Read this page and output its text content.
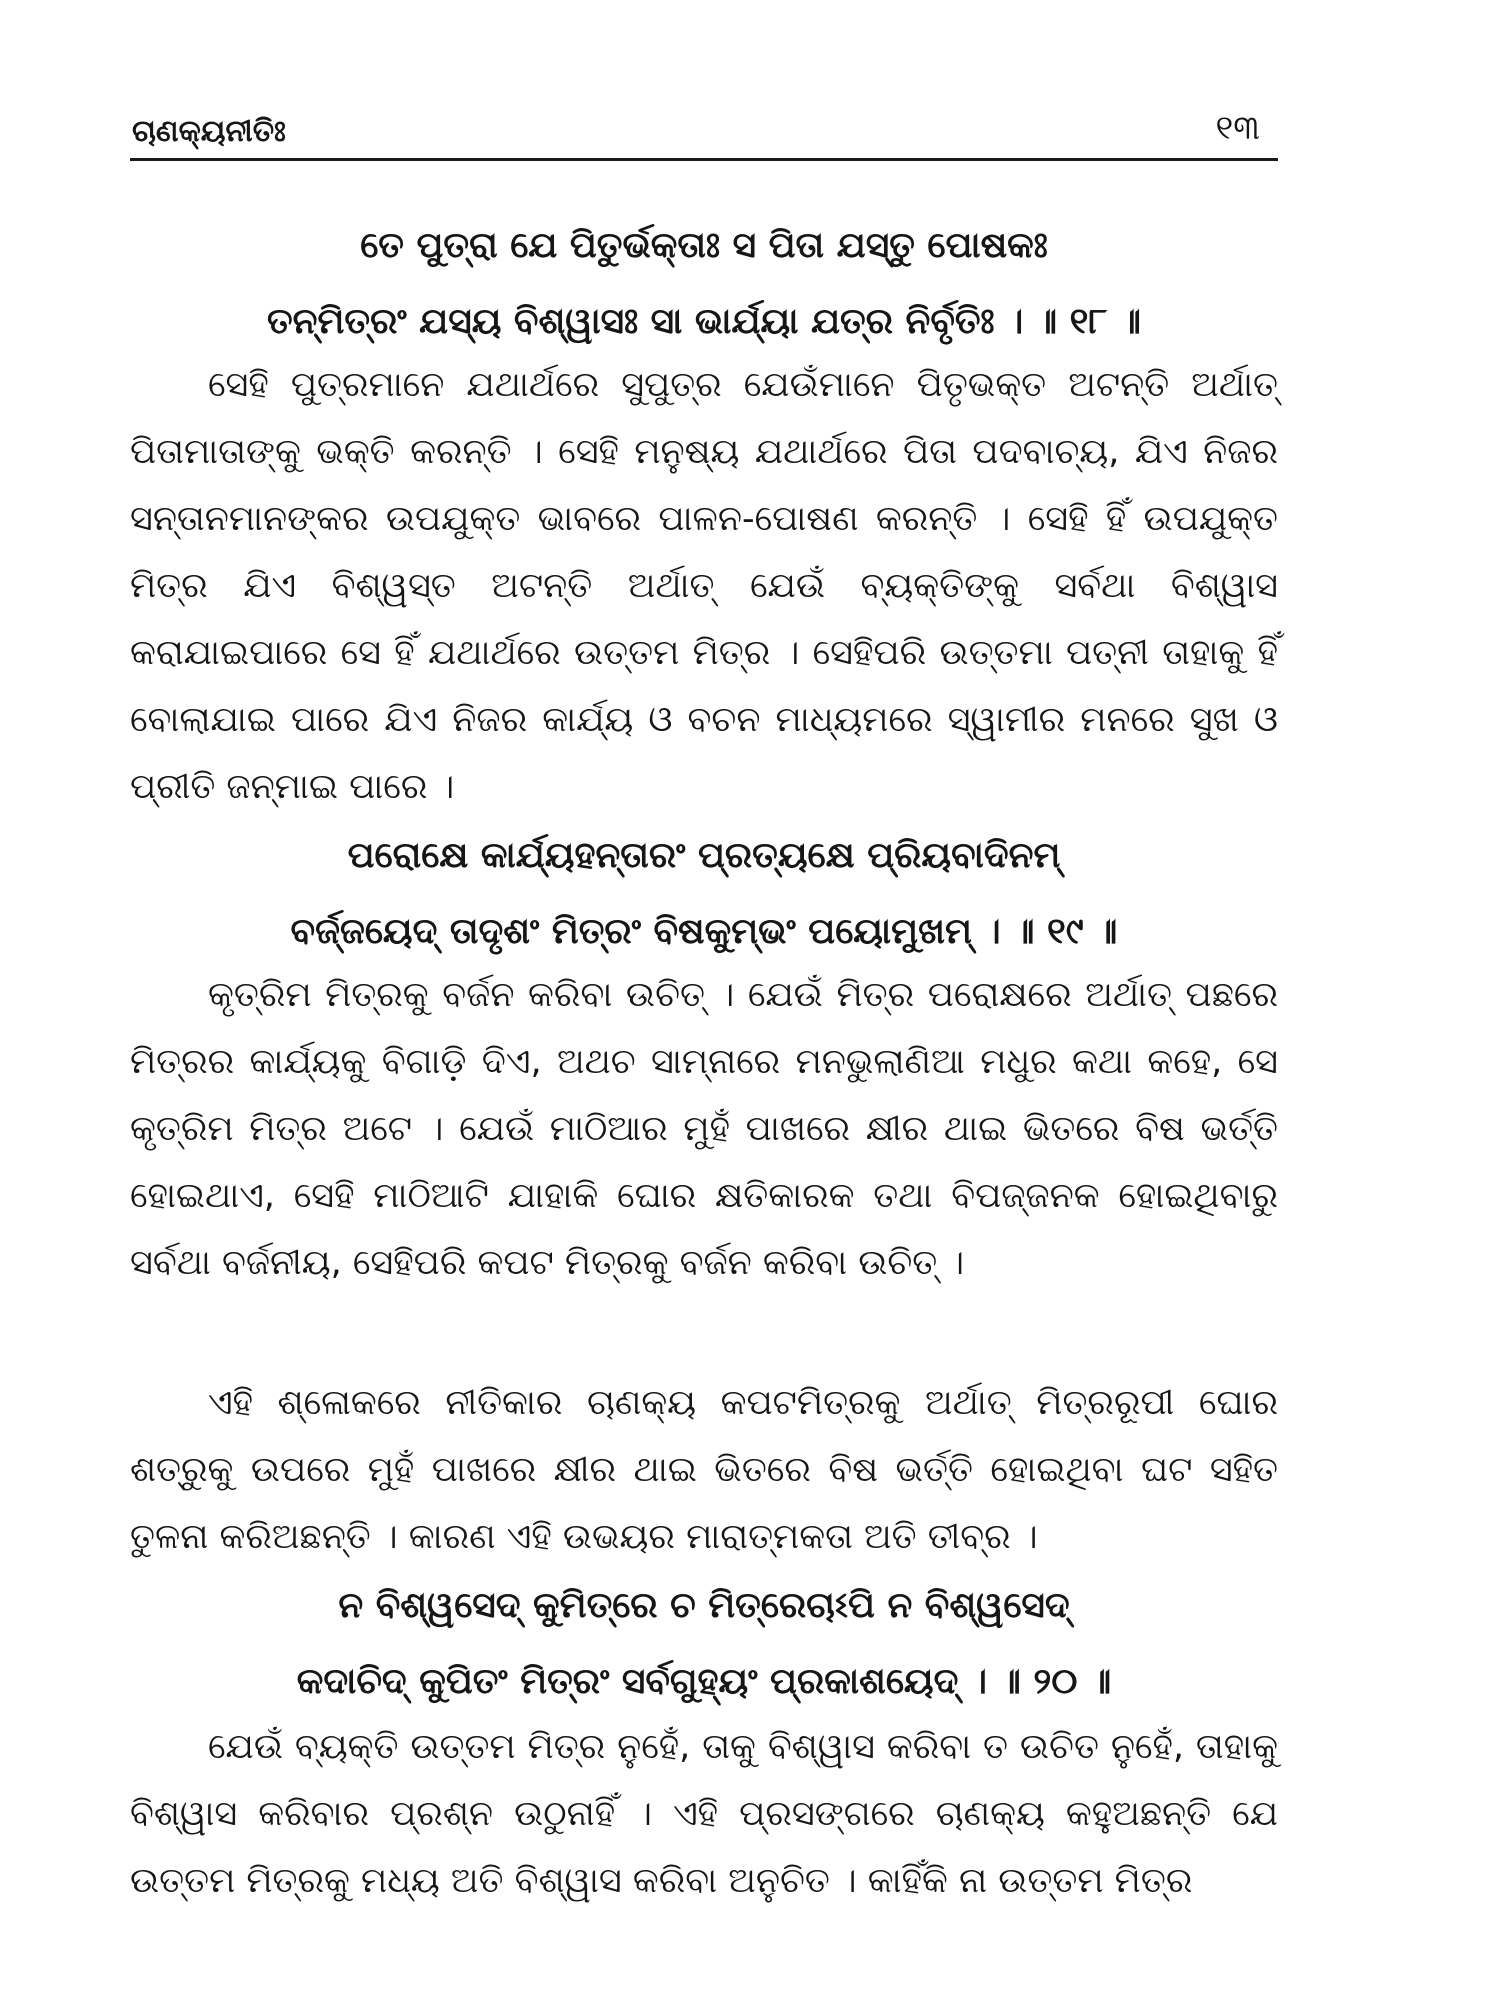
ଚାଣକ୍ୟନୀତିଃ	୧୩
ତେ ପୁତ୍ରା ଯେ ପିତୁର୍ଭକ୍ତାଃ ସ ପିତା ଯସ୍ତୁ ପୋଷକଃ
ତନ୍ମିତ୍ରଂ ଯସ୍ୟ ବିଶ୍ୱାସଃ ସା ଭାର୍ଯ୍ୟା ଯତ୍ର ନିର୍ବୃତିଃ । ॥ ୧୮ ॥
ସେହି ପୁତ୍ରମାନେ ଯଥାର୍ଥରେ ସୁପୁତ୍ର ଯେଉଁମାନେ ପିତୃଭକ୍ତ ଅଟନ୍ତି ଅର୍ଥାତ୍ ପିତାମାତାଙ୍କୁ ଭକ୍ତି କରନ୍ତି । ସେହି ମନୁଷ୍ୟ ଯଥାର୍ଥରେ ପିତା ପଦବାଚ୍ୟ, ଯିଏ ନିଜର ସନ୍ତାନମାନଙ୍କର ଉପଯୁକ୍ତ ଭାବରେ ପାଳନ-ପୋଷଣ କରନ୍ତି । ସେହି ହିଁ ଉପଯୁକ୍ତ ମିତ୍ର ଯିଏ ବିଶ୍ୱସ୍ତ ଅଟନ୍ତି ଅର୍ଥାତ୍ ଯେଉଁ ବ୍ୟକ୍ତିଙ୍କୁ ସର୍ବଥା ବିଶ୍ୱାସ କରାଯାଇପାରେ ସେ ହିଁ ଯଥାର୍ଥରେ ଉତ୍ତମ ମିତ୍ର । ସେହିପରି ଉତ୍ତମା ପତ୍ନୀ ତାହାକୁ ହିଁ ବୋଲାଯାଇ ପାରେ ଯିଏ ନିଜର କାର୍ଯ୍ୟ ଓ ବଚନ ମାଧ୍ୟମରେ ସ୍ୱାମୀର ମନରେ ସୁଖ ଓ ପ୍ରୀତି ଜନ୍ମାଇ ପାରେ ।
ପରୋକ୍ଷେ କାର୍ଯ୍ୟହନ୍ତାରଂ ପ୍ରତ୍ୟକ୍ଷେ ପ୍ରିୟବାଦିନମ୍
ବର୍ଜ୍ଜୟେଦ୍ ତାଦୃଶଂ ମିତ୍ରଂ ବିଷକୁମ୍ଭଂ ପୟୋମୁଖମ୍ । ॥ ୧୯ ॥
କୃତ୍ରିମ ମିତ୍ରକୁ ବର୍ଜନ କରିବା ଉଚିତ୍ । ଯେଉଁ ମିତ୍ର ପରୋକ୍ଷରେ ଅର୍ଥାତ୍ ପଛରେ ମିତ୍ରର କାର୍ଯ୍ୟକୁ ବିଗାଡ଼ି ଦିଏ, ଅଥଚ ସାମ୍ନାରେ ମନଭୁଲାଣିଆ ମଧୁର କଥା କହେ, ସେ କୃତ୍ରିମ ମିତ୍ର ଅଟେ । ଯେଉଁ ମାଠିଆର ମୁହଁ ପାଖରେ କ୍ଷୀର ଥାଇ ଭିତରେ ବିଷ ଭର୍ତ୍ତି ହୋଇଥାଏ, ସେହି ମାଠିଆଟି ଯାହାକି ଘୋର କ୍ଷତିକାରକ ତଥା ବିପଜ୍ଜନକ ହୋଇଥିବାରୁ ସର୍ବଥା ବର୍ଜନୀୟ, ସେହିପରି କପଟ ମିତ୍ରକୁ ବର୍ଜନ କରିବା ଉଚିତ୍ ।
ଏହି ଶ୍ଳୋକରେ ନୀତିକାର ଚାଣକ୍ୟ କପଟମିତ୍ରକୁ ଅର୍ଥାତ୍ ମିତ୍ରରୂପୀ ଘୋର ଶତ୍ରୁକୁ ଉପରେ ମୁହଁ ପାଖରେ କ୍ଷୀର ଥାଇ ଭିତରେ ବିଷ ଭର୍ତ୍ତି ହୋଇଥିବା ଘଟ ସହିତ ତୁଳନା କରିଅଛନ୍ତି । କାରଣ ଏହି ଉଭୟର ମାରାତ୍ମକତା ଅତି ତୀବ୍ର ।
ନ ବିଶ୍ୱସେଦ୍ କୁମିତ୍ରେ ଚ ମିତ୍ରେଚାଽପି ନ ବିଶ୍ୱସେଦ୍
କଦାଚିଦ୍ କୁପିତଂ ମିତ୍ରଂ ସର୍ବଗୁହ୍ୟଂ ପ୍ରକାଶୟେଦ୍ । ॥ ୨୦ ॥
ଯେଉଁ ବ୍ୟକ୍ତି ଉତ୍ତମ ମିତ୍ର ନୁହେଁ, ତାକୁ ବିଶ୍ୱାସ କରିବା ତ ଉଚିତ ନୁହେଁ, ତାହାକୁ ବିଶ୍ୱାସ କରିବାର ପ୍ରଶ୍ନ ଉଠୁନାହିଁ । ଏହି ପ୍ରସଙ୍ଗରେ ଚାଣକ୍ୟ କହୁଅଛନ୍ତି ଯେ ଉତ୍ତମ ମିତ୍ରକୁ ମଧ୍ୟ ଅତି ବିଶ୍ୱାସ କରିବା ଅନୁଚିତ । କାହିଁକି ନା ଉତ୍ତମ ମିତ୍ର
